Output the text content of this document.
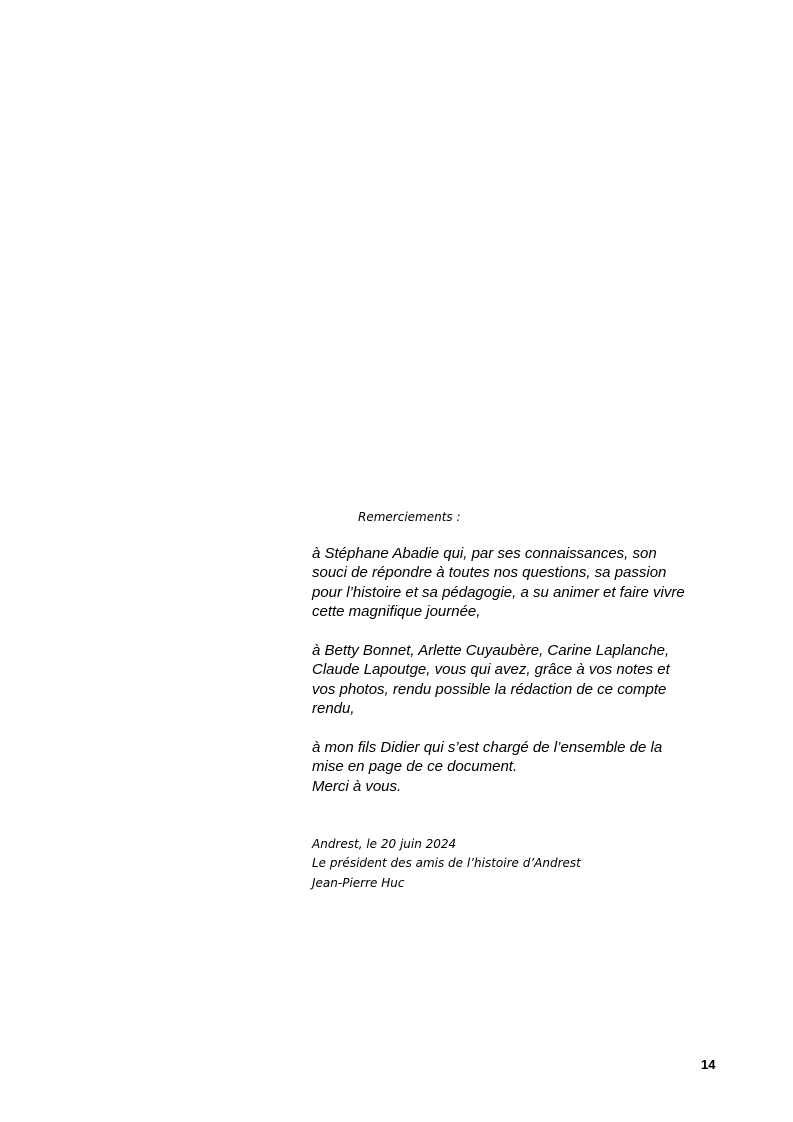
Remerciements :
à Stéphane Abadie qui, par ses connaissances, son
souci de répondre à toutes nos questions, sa passion
pour l’histoire et sa pédagogie, a su animer et faire vivre
cette magnifique journée,
à Betty Bonnet, Arlette Cuyaubère, Carine Laplanche,
Claude Lapoutge, vous qui avez, grâce à vos notes et
vos photos, rendu possible la rédaction de ce compte
rendu,
à mon fils Didier qui s’est chargé de l’ensemble de la
mise en page de ce document.
Merci à vous.
Andrest, le 20 juin 2024
Le président des amis de l’histoire d’Andrest
Jean-Pierre Huc
14
